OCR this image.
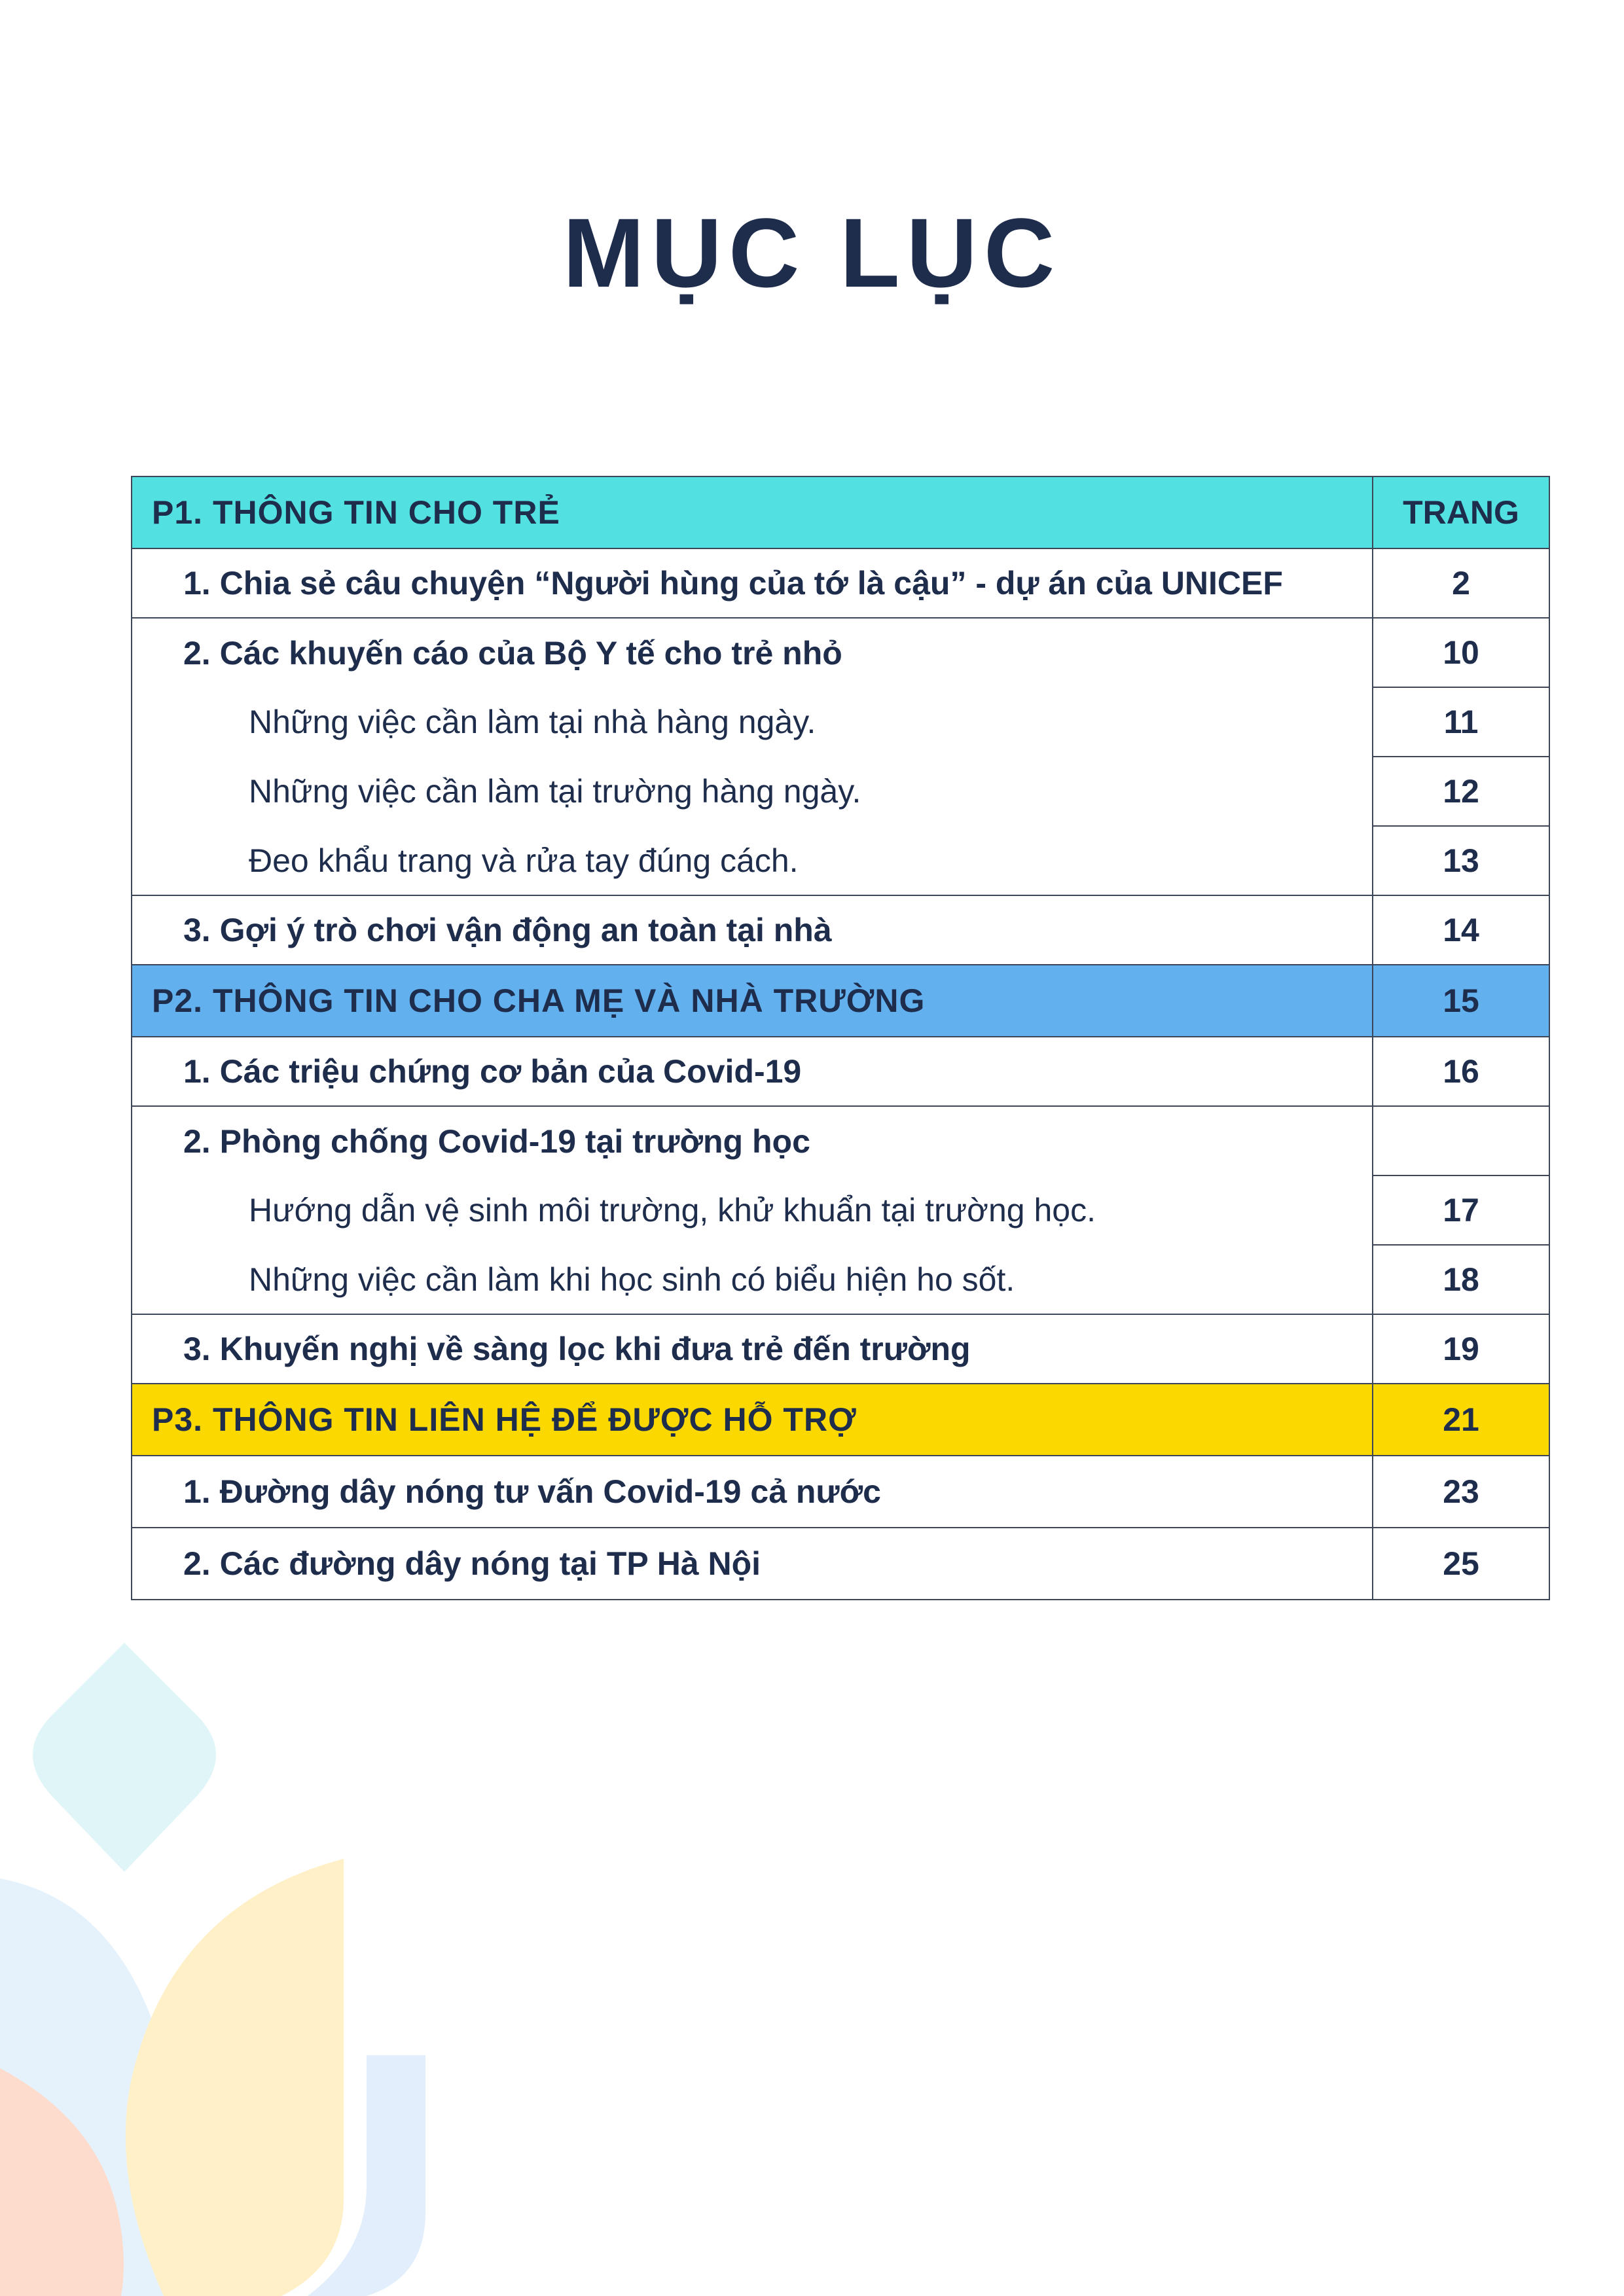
MỤC LỤC
P1. THÔNG TIN CHO TRẺ	TRANG
1. Chia sẻ câu chuyện “Người hùng của tớ là cậu” - dự án của UNICEF	2
2. Các khuyến cáo của Bộ Y tế cho trẻ nhỏ	10
Những việc cần làm tại nhà hàng ngày.	11
Những việc cần làm tại trường hàng ngày.	12
Đeo khẩu trang và rửa tay đúng cách.	13
3. Gợi ý trò chơi vận động an toàn tại nhà	14
P2. THÔNG TIN CHO CHA MẸ VÀ NHÀ TRƯỜNG	15
1. Các triệu chứng cơ bản của Covid-19	16
2. Phòng chống Covid-19 tại trường học	
Hướng dẫn vệ sinh môi trường, khử khuẩn tại trường học.	17
Những việc cần làm khi học sinh có biểu hiện ho sốt.	18
3. Khuyến nghị về sàng lọc khi đưa trẻ đến trường	19
P3. THÔNG TIN LIÊN HỆ ĐỂ ĐƯỢC HỖ TRỢ	21
1. Đường dây nóng tư vấn Covid-19 cả nước	23
2. Các đường dây nóng tại TP Hà Nội	25
